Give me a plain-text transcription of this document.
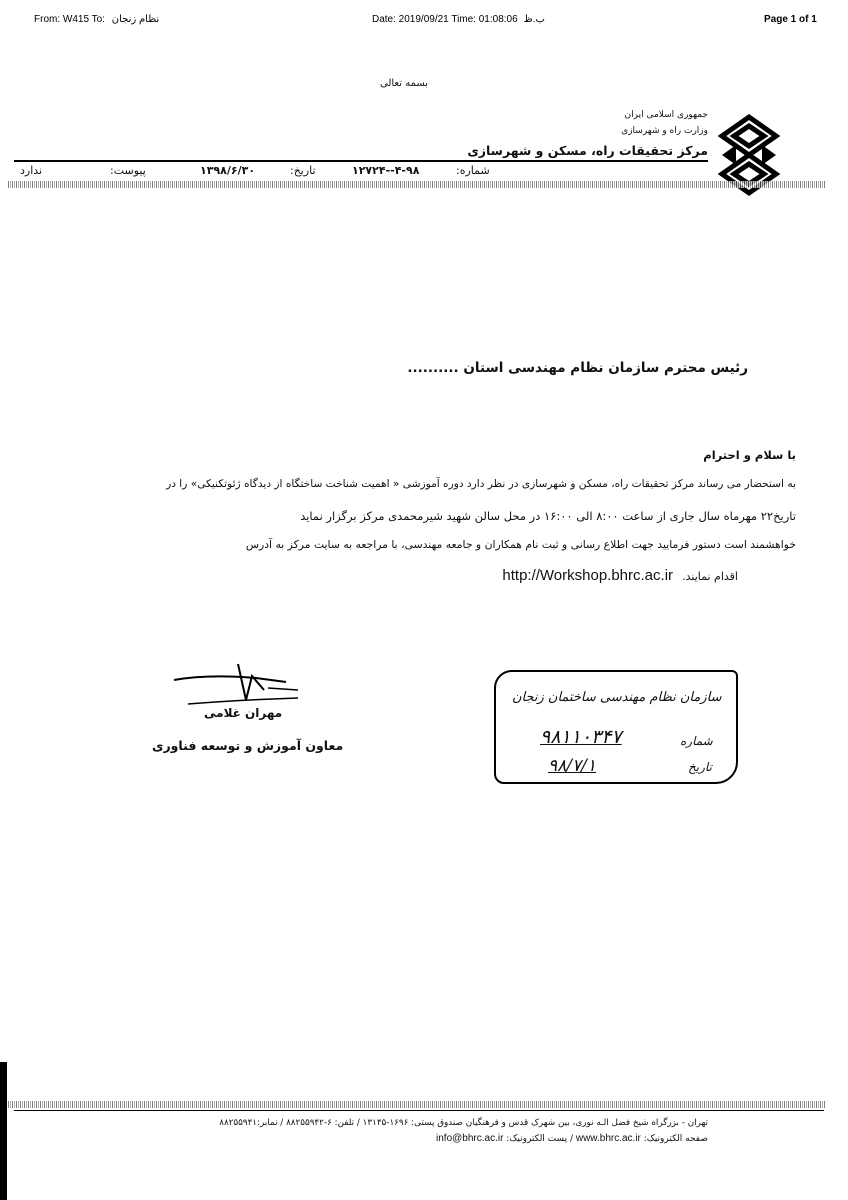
From: W415 To: نظام زنجان	Date: 2019/09/21 Time: 01:08:06 ب.ظ	Page 1 of 1
بسمه تعالی
جمهوری اسلامی ایران
وزارت راه و شهرسازی
مرکز تحقیقات راه، مسکن و شهرسازی
شماره:
۱۲۷۲۴--۴-۹۸
تاریخ:
۱۳۹۸/۶/۳۰
پیوست:
ندارد
رئیس محترم سازمان نظام مهندسی استان ..........
با سلام و احترام
به استحضار می رساند مرکز تحقیقات راه، مسکن و شهرسازی در نظر دارد دوره آموزشی « اهمیت شناخت ساختگاه از دیدگاه ژئوتکنیکی» را در
تاریخ۲۲ مهرماه سال جاری از ساعت ۸:۰۰ الی ۱۶:۰۰ در محل سالن شهید شیرمحمدی مرکز برگزار نماید
خواهشمند است دستور فرمایید جهت اطلاع رسانی و ثبت نام همکاران و جامعه مهندسی، با مراجعه به سایت مرکز به آدرس
اقدام نمایند. http://Workshop.bhrc.ac.ir
مهران غلامی
معاون آموزش و توسعه فناوری
سازمان نظام مهندسی ساختمان زنجان
شماره
۹۸۱۱۰۳۴۷
تاریخ
۹۸/۷/۱
تهران - بزرگراه شیخ فضل الـه نوری، بین شهرک قدس و فرهنگیان صندوق پستی: ۱۶۹۶-۱۳۱۴۵ / تلفن: ۶-۸۸۲۵۵۹۴۲ / نمابر:۸۸۲۵۵۹۴۱
صفحه الکترونیک: www.bhrc.ac.ir / پست الکترونیک: info@bhrc.ac.ir
